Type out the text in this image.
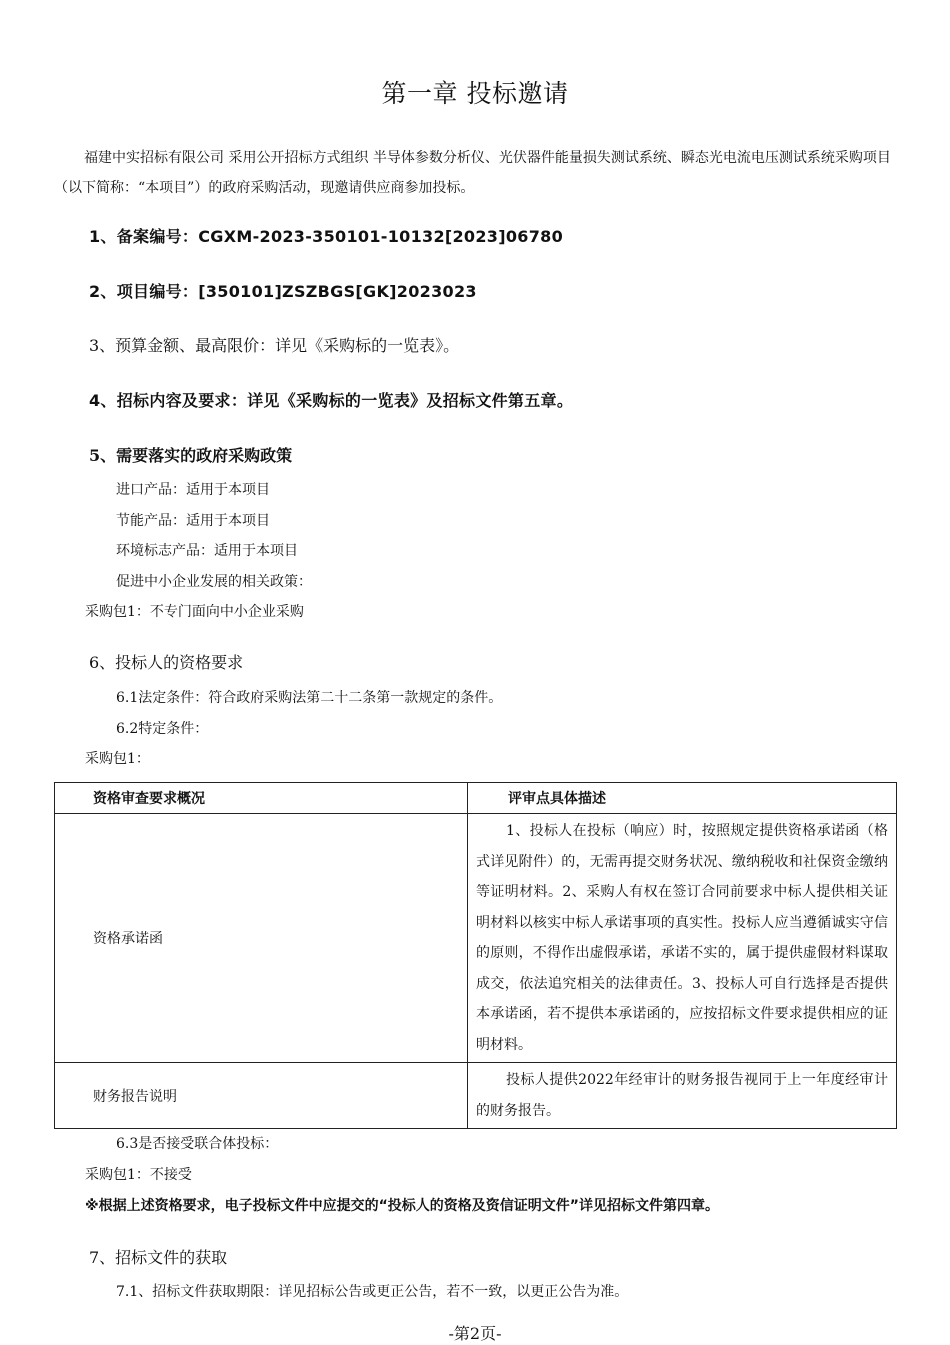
第一章 投标邀请
福建中实招标有限公司 采用公开招标方式组织 半导体参数分析仪、光伏器件能量损失测试系统、瞬态光电流电压测试系统采购项目 （以下简称：“本项目”）的政府采购活动，现邀请供应商参加投标。
1、备案编号：CGXM-2023-350101-10132[2023]06780
2、项目编号：[350101]ZSZBGS[GK]2023023
3、预算金额、最高限价：详见《采购标的一览表》。
4、招标内容及要求：详见《采购标的一览表》及招标文件第五章。
5、需要落实的政府采购政策
进口产品：适用于本项目
节能产品：适用于本项目
环境标志产品：适用于本项目
促进中小企业发展的相关政策：
采购包1：不专门面向中小企业采购
6、投标人的资格要求
6.1法定条件：符合政府采购法第二十二条第一款规定的条件。
6.2特定条件：
采购包1：
资格审查要求概况	评审点具体描述
资格承诺函	1、投标人在投标（响应）时，按照规定提供资格承诺函（格式详见附件）的，无需再提交财务状况、缴纳税收和社保资金缴纳等证明材料。2、采购人有权在签订合同前要求中标人提供相关证明材料以核实中标人承诺事项的真实性。投标人应当遵循诚实守信的原则，不得作出虚假承诺，承诺不实的，属于提供虚假材料谋取成交，依法追究相关的法律责任。3、投标人可自行选择是否提供本承诺函，若不提供本承诺函的，应按招标文件要求提供相应的证明材料。
财务报告说明	投标人提供2022年经审计的财务报告视同于上一年度经审计的财务报告。
6.3是否接受联合体投标：
采购包1：不接受
※根据上述资格要求，电子投标文件中应提交的“投标人的资格及资信证明文件”详见招标文件第四章。
7、招标文件的获取
7.1、招标文件获取期限：详见招标公告或更正公告，若不一致，以更正公告为准。
-第2页-
